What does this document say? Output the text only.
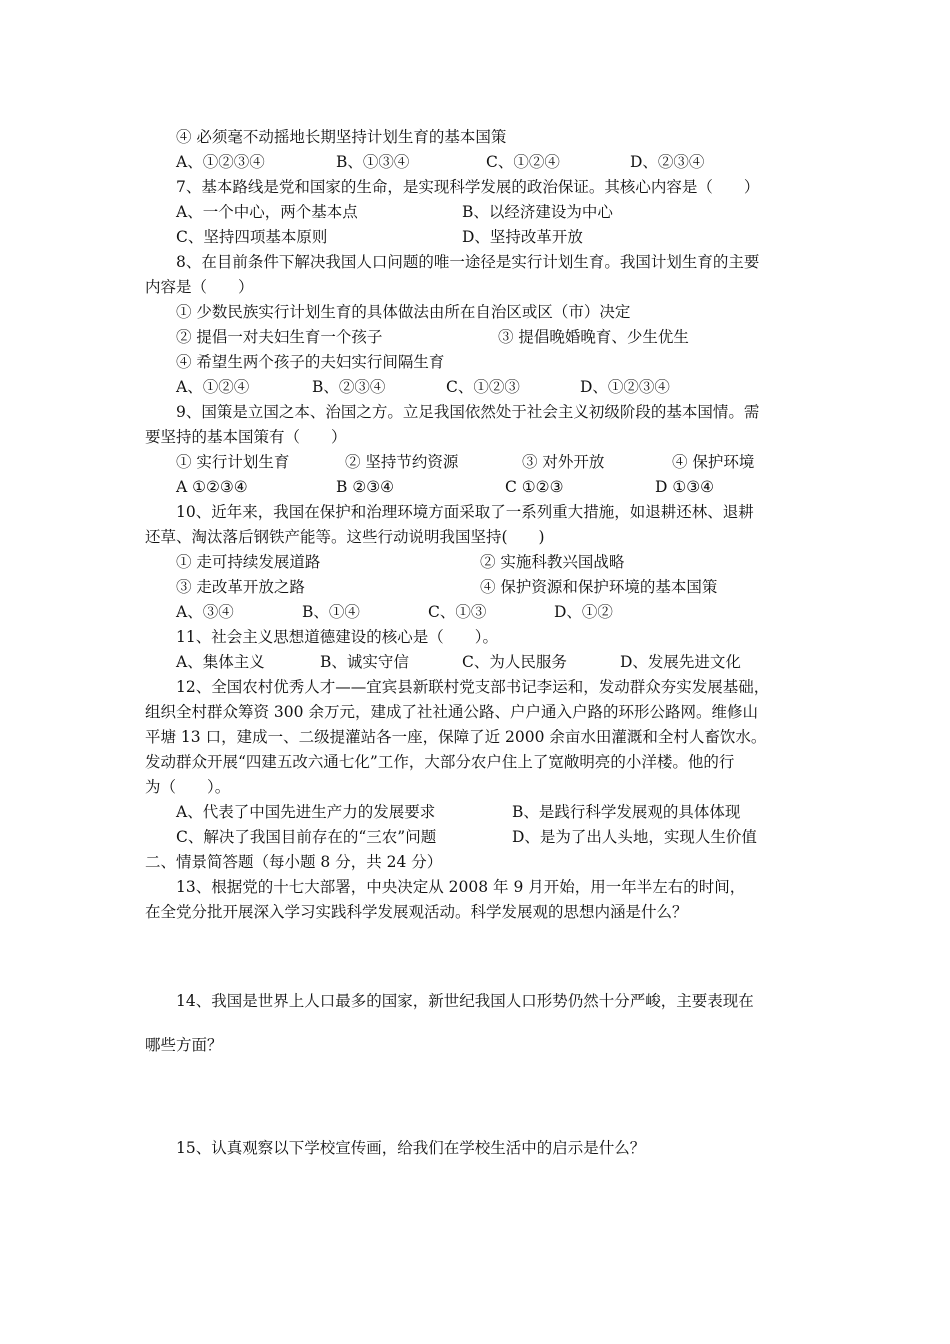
④ 必须毫不动摇地长期坚持计划生育的基本国策
A、①②③④	B、①③④	C、①②④	D、②③④
7、基本路线是党和国家的生命，是实现科学发展的政治保证。其核心内容是（　　）
A、一个中心，两个基本点	B、以经济建设为中心
C、坚持四项基本原则	D、坚持改革开放
8、在目前条件下解决我国人口问题的唯一途径是实行计划生育。我国计划生育的主要
内容是（　　）
① 少数民族实行计划生育的具体做法由所在自治区或区（市）决定
② 提倡一对夫妇生育一个孩子	③ 提倡晚婚晚育、少生优生
④ 希望生两个孩子的夫妇实行间隔生育
A、①②④	B、②③④	C、①②③	D、①②③④
9、国策是立国之本、治国之方。立足我国依然处于社会主义初级阶段的基本国情。需
要坚持的基本国策有（　　）
① 实行计划生育	② 坚持节约资源	③ 对外开放	④ 保护环境
A ①②③④	B ②③④	C ①②③	D ①③④
10、近年来，我国在保护和治理环境方面采取了一系列重大措施，如退耕还林、退耕
还草、淘汰落后钢铁产能等。这些行动说明我国坚持(　　)
① 走可持续发展道路	② 实施科教兴国战略
③ 走改革开放之路	④ 保护资源和保护环境的基本国策
A、③④	B、①④	C、①③	D、①②
11、社会主义思想道德建设的核心是（　　）。
A、集体主义	B、诚实守信	C、为人民服务	D、发展先进文化
12、全国农村优秀人才——宜宾县新联村党支部书记李运和，发动群众夯实发展基础，
组织全村群众筹资 300 余万元，建成了社社通公路、户户通入户路的环形公路网。维修山
平塘 13 口，建成一、二级提灌站各一座，保障了近 2000 余亩水田灌溉和全村人畜饮水。
发动群众开展“四建五改六通七化”工作，大部分农户住上了宽敞明亮的小洋楼。他的行
为（　　）。
A、代表了中国先进生产力的发展要求	B、是践行科学发展观的具体体现
C、解决了我国目前存在的“三农”问题	D、是为了出人头地，实现人生价值
二、情景简答题（每小题 8 分，共 24 分）
13、根据党的十七大部署，中央决定从 2008 年 9 月开始，用一年半左右的时间，
在全党分批开展深入学习实践科学发展观活动。科学发展观的思想内涵是什么？
14、我国是世界上人口最多的国家，新世纪我国人口形势仍然十分严峻，主要表现在
哪些方面？
15、认真观察以下学校宣传画，给我们在学校生活中的启示是什么？
